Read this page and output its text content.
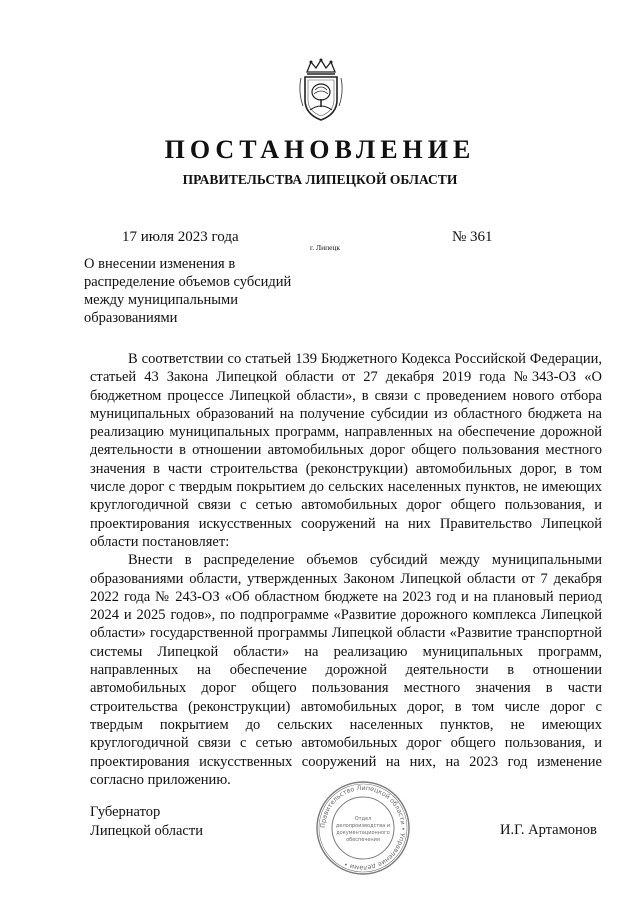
ПОСТАНОВЛЕНИЕ
ПРАВИТЕЛЬСТВА ЛИПЕЦКОЙ ОБЛАСТИ
17 июля 2023 года
г. Липецк
№ 361

О внесении изменения в
распределение объемов субсидий
между муниципальными
образованиями

В соответствии со статьей 139 Бюджетного Кодекса Российской Федерации, статьей 43 Закона Липецкой области от 27 декабря 2019 года №343-ОЗ «О бюджетном процессе Липецкой области», в связи с проведением нового отбора муниципальных образований на получение субсидии из областного бюджета на реализацию муниципальных программ, направленных на обеспечение дорожной деятельности в отношении автомобильных дорог общего пользования местного значения в части строительства (реконструкции) автомобильных дорог, в том числе дорог с твердым покрытием до сельских населенных пунктов, не имеющих круглогодичной связи с сетью автомобильных дорог общего пользования, и проектирования искусственных сооружений на них Правительство Липецкой области постановляет:

Внести в распределение объемов субсидий между муниципальными образованиями области, утвержденных Законом Липецкой области от 7 декабря 2022 года № 243-ОЗ «Об областном бюджете на 2023 год и на плановый период 2024 и 2025 годов», по подпрограмме «Развитие дорожного комплекса Липецкой области» государственной программы Липецкой области «Развитие транспортной системы Липецкой области» на реализацию муниципальных программ, направленных на обеспечение дорожной деятельности в отношении автомобильных дорог общего пользования местного значения в части строительства (реконструкции) автомобильных дорог, в том числе дорог с твердым покрытием до сельских населенных пунктов, не имеющих круглогодичной связи с сетью автомобильных дорог общего пользования, и проектирования искусственных сооружений на них, на 2023 год изменение согласно приложению.

Губернатор
Липецкой области	И.Г. Артамонов
Правительство Липецкой области • Управление делами •
Отдел
делопроизводства и
документационного
обеспечения
